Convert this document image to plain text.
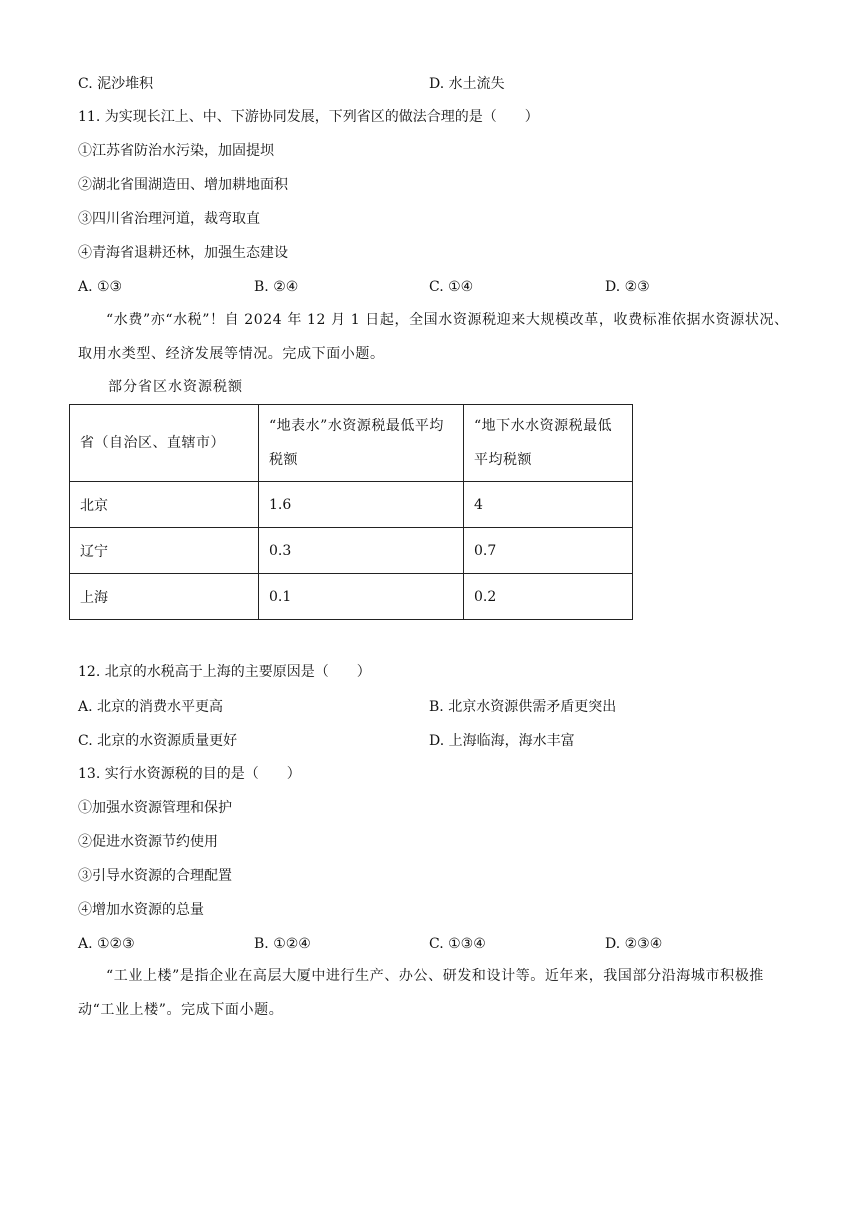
C. 泥沙堆积	D. 水土流失
11. 为实现长江上、中、下游协同发展，下列省区的做法合理的是（　　）
①江苏省防治水污染，加固提坝
②湖北省围湖造田、增加耕地面积
③四川省治理河道，裁弯取直
④青海省退耕还林，加强生态建设
A. ①③	B. ②④	C. ①④	D. ②③
“水费”亦“水税”！自 2024 年 12 月 1 日起，全国水资源税迎来大规模改革，收费标准依据水资源状况、取用水类型、经济发展等情况。完成下面小题。
部分省区水资源税额
省（自治区、直辖市）	“地表水”水资源税最低平均税额	“地下水水资源税最低平均税额
北京	1.6	4
辽宁	0.3	0.7
上海	0.1	0.2
12. 北京的水税高于上海的主要原因是（　　）
A. 北京的消费水平更高	B. 北京水资源供需矛盾更突出
C. 北京的水资源质量更好	D. 上海临海，海水丰富
13. 实行水资源税的目的是（　　）
①加强水资源管理和保护
②促进水资源节约使用
③引导水资源的合理配置
④增加水资源的总量
A. ①②③	B. ①②④	C. ①③④	D. ②③④
“工业上楼”是指企业在高层大厦中进行生产、办公、研发和设计等。近年来，我国部分沿海城市积极推动“工业上楼”。完成下面小题。
